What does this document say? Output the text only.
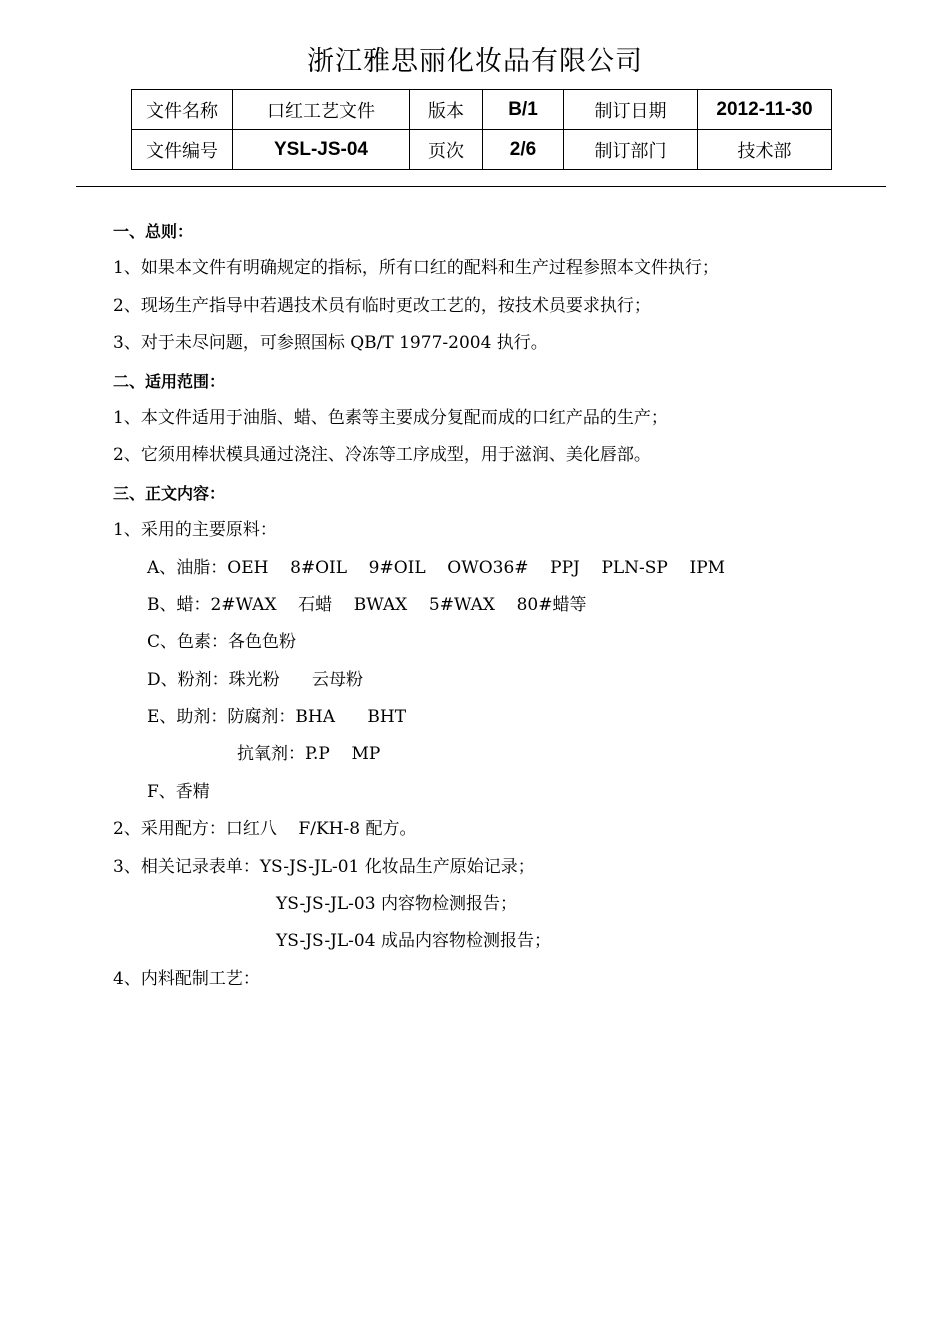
浙江雅思丽化妆品有限公司
文件名称	口红工艺文件	版本	B/1	制订日期	2012-11-30
文件编号	YSL-JS-04	页次	2/6	制订部门	技术部
一、总则：
1、如果本文件有明确规定的指标，所有口红的配料和生产过程参照本文件执行；
2、现场生产指导中若遇技术员有临时更改工艺的，按技术员要求执行；
3、对于未尽问题，可参照国标 QB/T 1977-2004 执行。
二、适用范围：
1、本文件适用于油脂、蜡、色素等主要成分复配而成的口红产品的生产；
2、它须用棒状模具通过浇注、冷冻等工序成型，用于滋润、美化唇部。
三、正文内容：
1、采用的主要原料：
A、油脂：OEH    8#OIL    9#OIL    OWO36#    PPJ    PLN-SP    IPM
B、蜡：2#WAX    石蜡    BWAX    5#WAX    80#蜡等
C、色素：各色色粉
D、粉剂：珠光粉      云母粉
E、助剂：防腐剂：BHA      BHT
抗氧剂：P.P    MP
F、香精
2、采用配方：口红八    F/KH-8 配方。
3、相关记录表单：YS-JS-JL-01 化妆品生产原始记录；
YS-JS-JL-03 内容物检测报告；
YS-JS-JL-04 成品内容物检测报告；
4、内料配制工艺：
